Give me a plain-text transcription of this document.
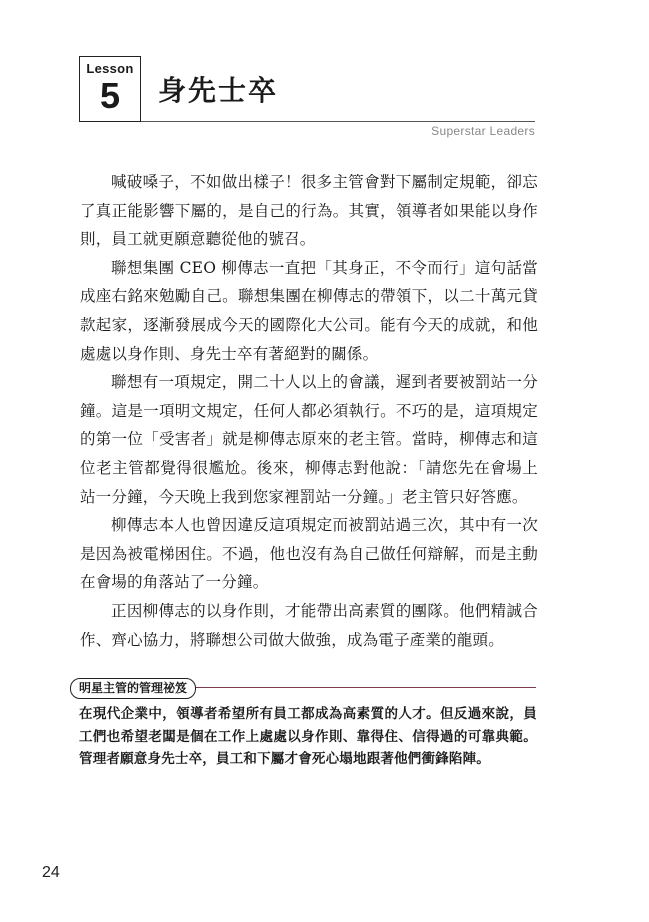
Lesson
5	身先士卒
Superstar Leaders

喊破嗓子，不如做出樣子！很多主管會對下屬制定規範，卻忘了真正能影響下屬的，是自己的行為。其實，領導者如果能以身作則，員工就更願意聽從他的號召。

聯想集團 CEO 柳傳志一直把「其身正，不令而行」這句話當成座右銘來勉勵自己。聯想集團在柳傳志的帶領下，以二十萬元貸款起家，逐漸發展成今天的國際化大公司。能有今天的成就，和他處處以身作則、身先士卒有著絕對的關係。

聯想有一項規定，開二十人以上的會議，遲到者要被罰站一分鐘。這是一項明文規定，任何人都必須執行。不巧的是，這項規定的第一位「受害者」就是柳傳志原來的老主管。當時，柳傳志和這位老主管都覺得很尷尬。後來，柳傳志對他說：「請您先在會場上站一分鐘，今天晚上我到您家裡罰站一分鐘。」老主管只好答應。

柳傳志本人也曾因違反這項規定而被罰站過三次，其中有一次是因為被電梯困住。不過，他也沒有為自己做任何辯解，而是主動在會場的角落站了一分鐘。

正因柳傳志的以身作則，才能帶出高素質的團隊。他們精誠合作、齊心協力，將聯想公司做大做強，成為電子產業的龍頭。

明星主管的管理祕笈

在現代企業中，領導者希望所有員工都成為高素質的人才。但反過來說，員工們也希望老闆是個在工作上處處以身作則、靠得住、信得過的可靠典範。管理者願意身先士卒，員工和下屬才會死心塌地跟著他們衝鋒陷陣。

24
